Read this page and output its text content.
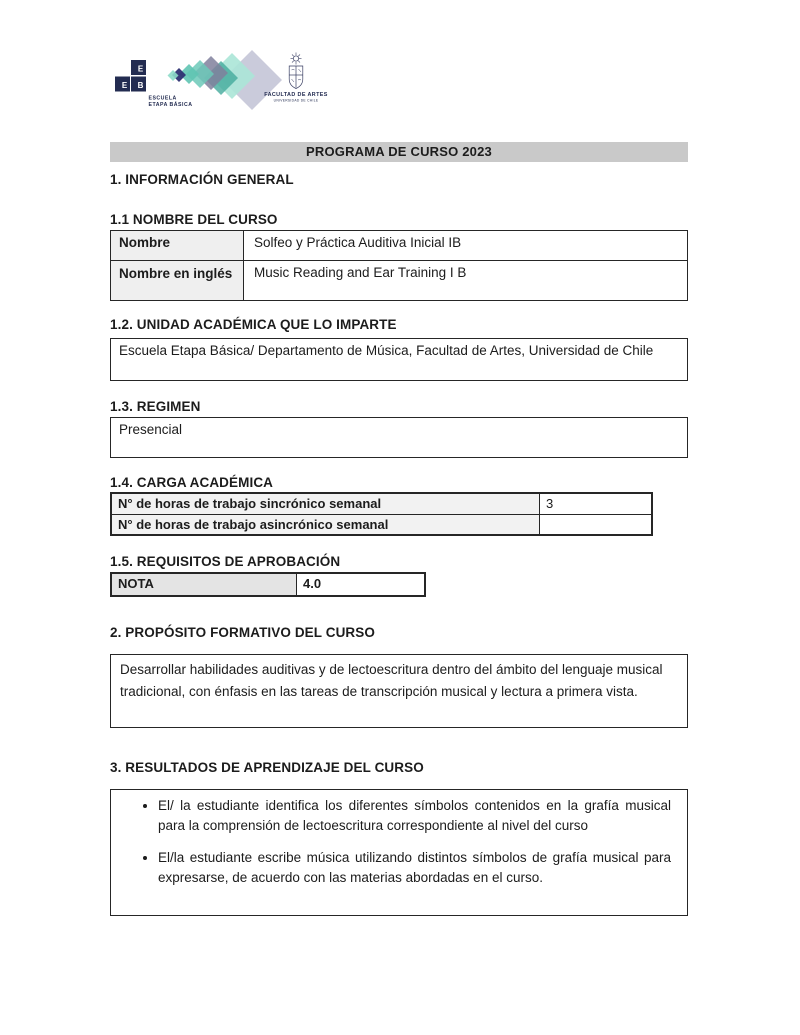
E
E B
ESCUELA
ETAPA BÁSICA
FACULTAD DE ARTES
UNIVERSIDAD DE CHILE
PROGRAMA DE CURSO 2023
1. INFORMACIÓN GENERAL
1.1 NOMBRE DEL CURSO
Nombre	Solfeo y Práctica Auditiva Inicial IB
Nombre en inglés	Music Reading and Ear Training I B
1.2. UNIDAD ACADÉMICA QUE LO IMPARTE
Escuela Etapa Básica/ Departamento de Música, Facultad de Artes, Universidad de Chile
1.3. REGIMEN
Presencial
1.4. CARGA ACADÉMICA
N° de horas de trabajo sincrónico semanal	3
N° de horas de trabajo asincrónico semanal
1.5. REQUISITOS DE APROBACIÓN
NOTA	4.0
2. PROPÓSITO FORMATIVO DEL CURSO
Desarrollar habilidades auditivas y de lectoescritura dentro del ámbito del lenguaje musical tradicional, con énfasis en las tareas de transcripción musical y lectura a primera vista.
3. RESULTADOS DE APRENDIZAJE DEL CURSO
• El/ la estudiante identifica los diferentes símbolos contenidos en la grafía musical para la comprensión de lectoescritura correspondiente al nivel del curso
• El/la estudiante escribe música utilizando distintos símbolos de grafía musical para expresarse, de acuerdo con las materias abordadas en el curso.
